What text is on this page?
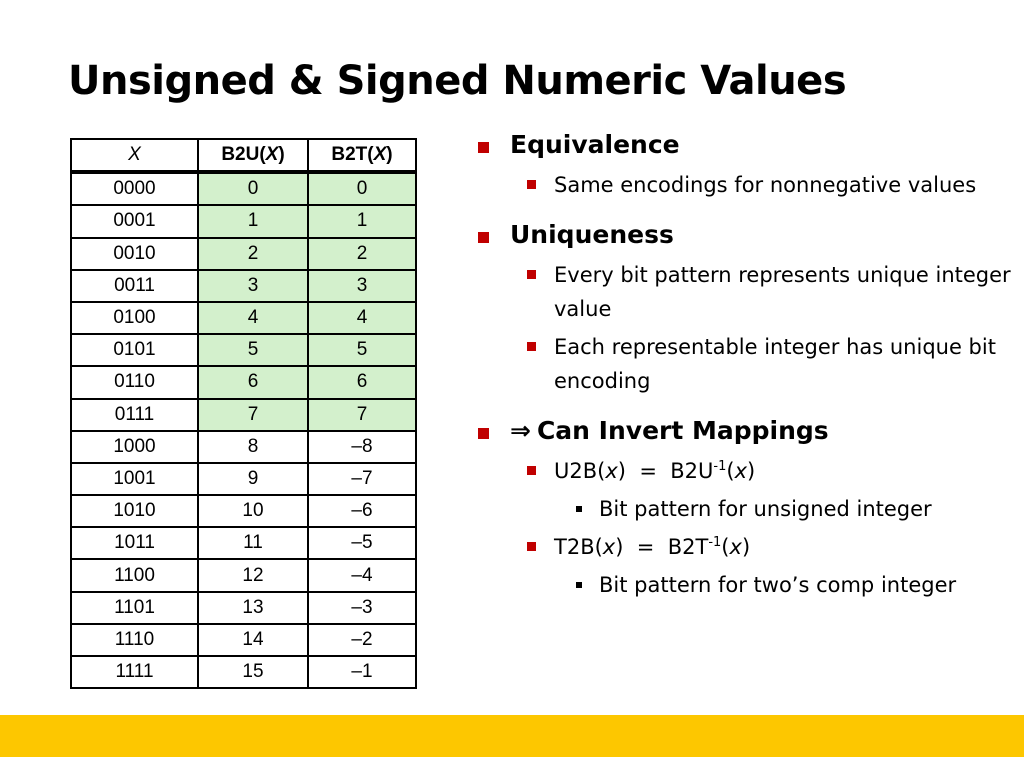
Unsigned & Signed Numeric Values
X	B2U(X)	B2T(X)
0000	0	0
0001	1	1
0010	2	2
0011	3	3
0100	4	4
0101	5	5
0110	6	6
0111	7	7
1000	8	–8
1001	9	–7
1010	10	–6
1011	11	–5
1100	12	–4
1101	13	–3
1110	14	–2
1111	15	–1
Equivalence
Same encodings for nonnegative values
Uniqueness
Every bit pattern represents unique integer value
Each representable integer has unique bit encoding
⇒ Can Invert Mappings
$U2B(x) = B2U^{-1}(x)$
Bit pattern for unsigned integer
$T2B(x) = B2T^{-1}(x)$
Bit pattern for two’s comp integer
